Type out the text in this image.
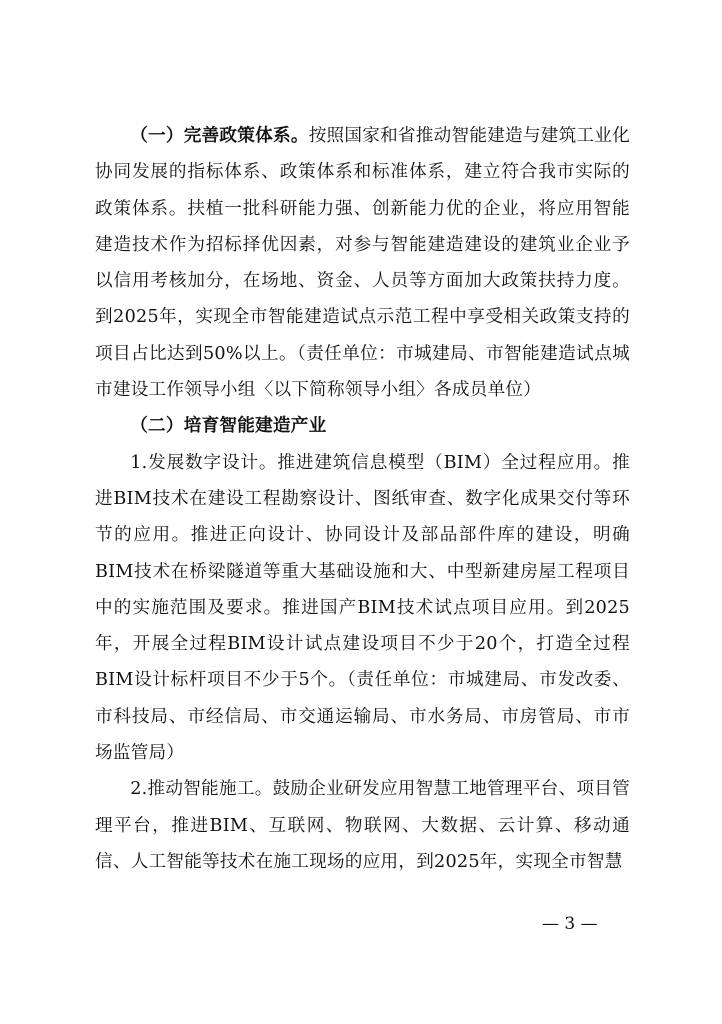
（一）完善政策体系。按照国家和省推动智能建造与建筑工业化协同发展的指标体系、政策体系和标准体系，建立符合我市实际的政策体系。扶植一批科研能力强、创新能力优的企业，将应用智能建造技术作为招标择优因素，对参与智能建造建设的建筑业企业予以信用考核加分，在场地、资金、人员等方面加大政策扶持力度。到2025年，实现全市智能建造试点示范工程中享受相关政策支持的项目占比达到50%以上。（责任单位：市城建局、市智能建造试点城市建设工作领导小组〈以下简称领导小组〉各成员单位）

（二）培育智能建造产业

1.发展数字设计。推进建筑信息模型（BIM）全过程应用。推进BIM技术在建设工程勘察设计、图纸审查、数字化成果交付等环节的应用。推进正向设计、协同设计及部品部件库的建设，明确BIM技术在桥梁隧道等重大基础设施和大、中型新建房屋工程项目中的实施范围及要求。推进国产BIM技术试点项目应用。到2025年，开展全过程BIM设计试点建设项目不少于20个，打造全过程BIM设计标杆项目不少于5个。（责任单位：市城建局、市发改委、市科技局、市经信局、市交通运输局、市水务局、市房管局、市市场监管局）

2.推动智能施工。鼓励企业研发应用智慧工地管理平台、项目管理平台，推进BIM、互联网、物联网、大数据、云计算、移动通信、人工智能等技术在施工现场的应用，到2025年，实现全市智慧

— 3 —
